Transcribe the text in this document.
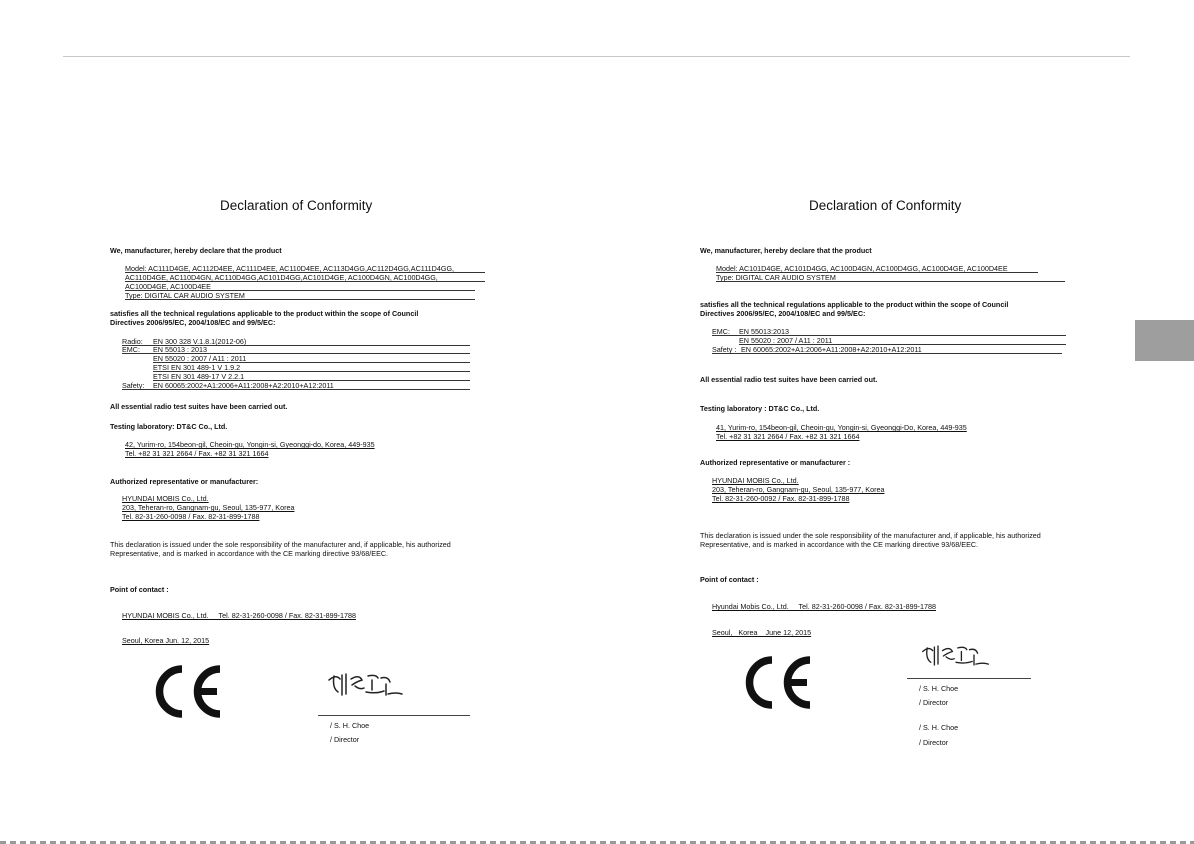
Declaration of Conformity
We, manufacturer, hereby declare that the product
Model: AC111D4GE, AC112D4EE, AC111D4EE, AC110D4EE, AC113D4GG,AC112D4GG,AC111D4GG,
AC110D4GE, AC110D4GN, AC110D4GG,AC101D4GG,AC101D4GE, AC100D4GN, AC100D4GG,
AC100D4GE, AC100D4EE
Type: DIGITAL CAR AUDIO SYSTEM
satisfies all the technical regulations applicable to the product within the scope of Council
Directives 2006/95/EC, 2004/108/EC and 99/5/EC:
Radio: EN 300 328 V.1.8.1(2012-06)
EMC: EN 55013 : 2013
EN 55020 : 2007 / A11 : 2011
ETSI EN 301 489-1 V 1.9.2
ETSI EN 301 489-17 V 2.2.1
Safety: EN 60065:2002+A1:2006+A11:2008+A2:2010+A12:2011
All essential radio test suites have been carried out.
Testing laboratory: DT&C Co., Ltd.
42, Yurim-ro, 154beon-gil, Cheoin-gu, Yongin-si, Gyeonggi-do, Korea, 449-935
Tel. +82 31 321 2664 / Fax. +82 31 321 1664
Authorized representative or manufacturer:
HYUNDAI MOBIS Co., Ltd.
203, Teheran-ro, Gangnam-gu, Seoul, 135-977, Korea
Tel. 82-31-260-0098 / Fax. 82-31-899-1788
This declaration is issued under the sole responsibility of the manufacturer and, if applicable, his authorized
Representative, and is marked in accordance with the CE marking directive 93/68/EEC.
Point of contact :
HYUNDAI MOBIS Co., Ltd.     Tel. 82-31-260-0098 / Fax. 82-31-899-1788
Seoul, Korea Jun. 12, 2015
/ S. H. Choe
/ Director
Declaration of Conformity
We, manufacturer, hereby declare that the product
Model: AC101D4GE, AC101D4GG, AC100D4GN, AC100D4GG, AC100D4GE, AC100D4EE
Type: DIGITAL CAR AUDIO SYSTEM
satisfies all the technical regulations applicable to the product within the scope of Council
Directives 2006/95/EC, 2004/108/EC and 99/5/EC:
EMC: EN 55013:2013
EN 55020 : 2007 / A11 : 2011
Safety : EN 60065:2002+A1:2006+A11:2008+A2:2010+A12:2011
All essential radio test suites have been carried out.
Testing laboratory : DT&C Co., Ltd.
41, Yurim-ro, 154beon-gil, Cheoin-gu, Yongin-si, Gyeonggi-Do, Korea, 449-935
Tel. +82 31 321 2664 / Fax. +82 31 321 1664
Authorized representative or manufacturer :
HYUNDAI MOBIS Co., Ltd.
203, Teheran-ro, Gangnam-gu, Seoul, 135-977, Korea
Tel. 82-31-260-0092 / Fax. 82-31-899-1788
This declaration is issued under the sole responsibility of the manufacturer and, if applicable, his authorized
Representative, and is marked in accordance with the CE marking directive 93/68/EEC.
Point of contact :
Hyundai Mobis Co., Ltd.     Tel. 82-31-260-0098 / Fax. 82-31-899-1788
Seoul,   Korea    June 12, 2015
/ S. H. Choe
/ Director
/ S. H. Choe
/ Director
